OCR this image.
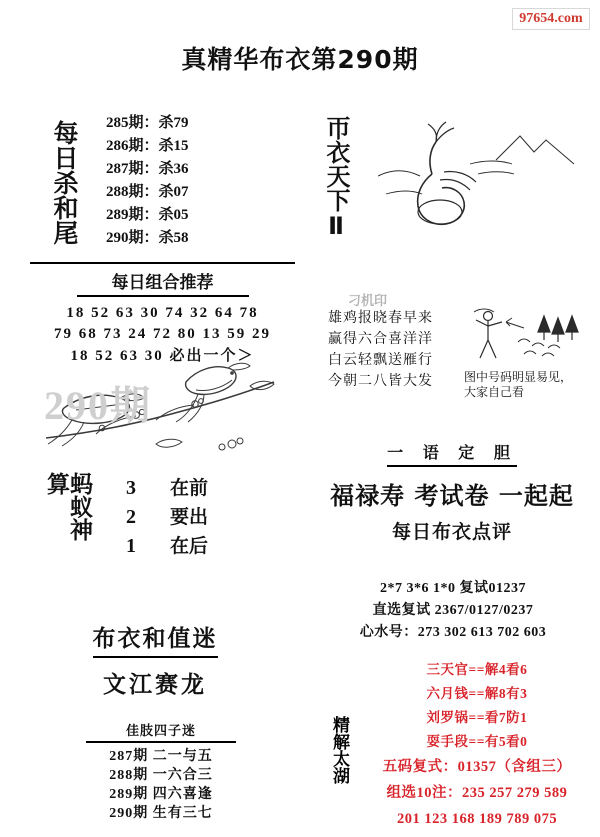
97654.com
真精华布衣第290期
每日杀和尾 285期：杀79
286期：杀15
287期：杀36
288期：杀07
289期：杀05
290期：杀58
每日组合推荐
18 52 63 30 74 32 64 78
79 68 73 24 72 80 13 59 29
18 52 63 30 必出一个＞
290期
蚂蚁神算	3
2
1
在前
要出
在后
布衣和值迷
文江赛龙
佳肢四子迷
287期 二一与五
288期 一六合三
289期 四六喜逢
290期 生有三七
帀衣天下Ⅱ
刁机印
雄鸡报晓春早来
赢得六合喜洋洋
白云轻飘送雁行
今朝二八皆大发	图中号码明显易见，
大家自己看
一 语 定 胆
福禄寿 考试卷 一起起
每日布衣点评
2*7 3*6 1*0 复试01237
直选复试 2367/0127/0237
心水号：273 302 613 702 603
精解太湖
三天官==解4看6
六月钱==解8有3
刘罗锅==看7防1
耍手段==有5看0
五码复式：01357（含组三）
组选10注：235 257 279 589
201 123 168 189 789 075
